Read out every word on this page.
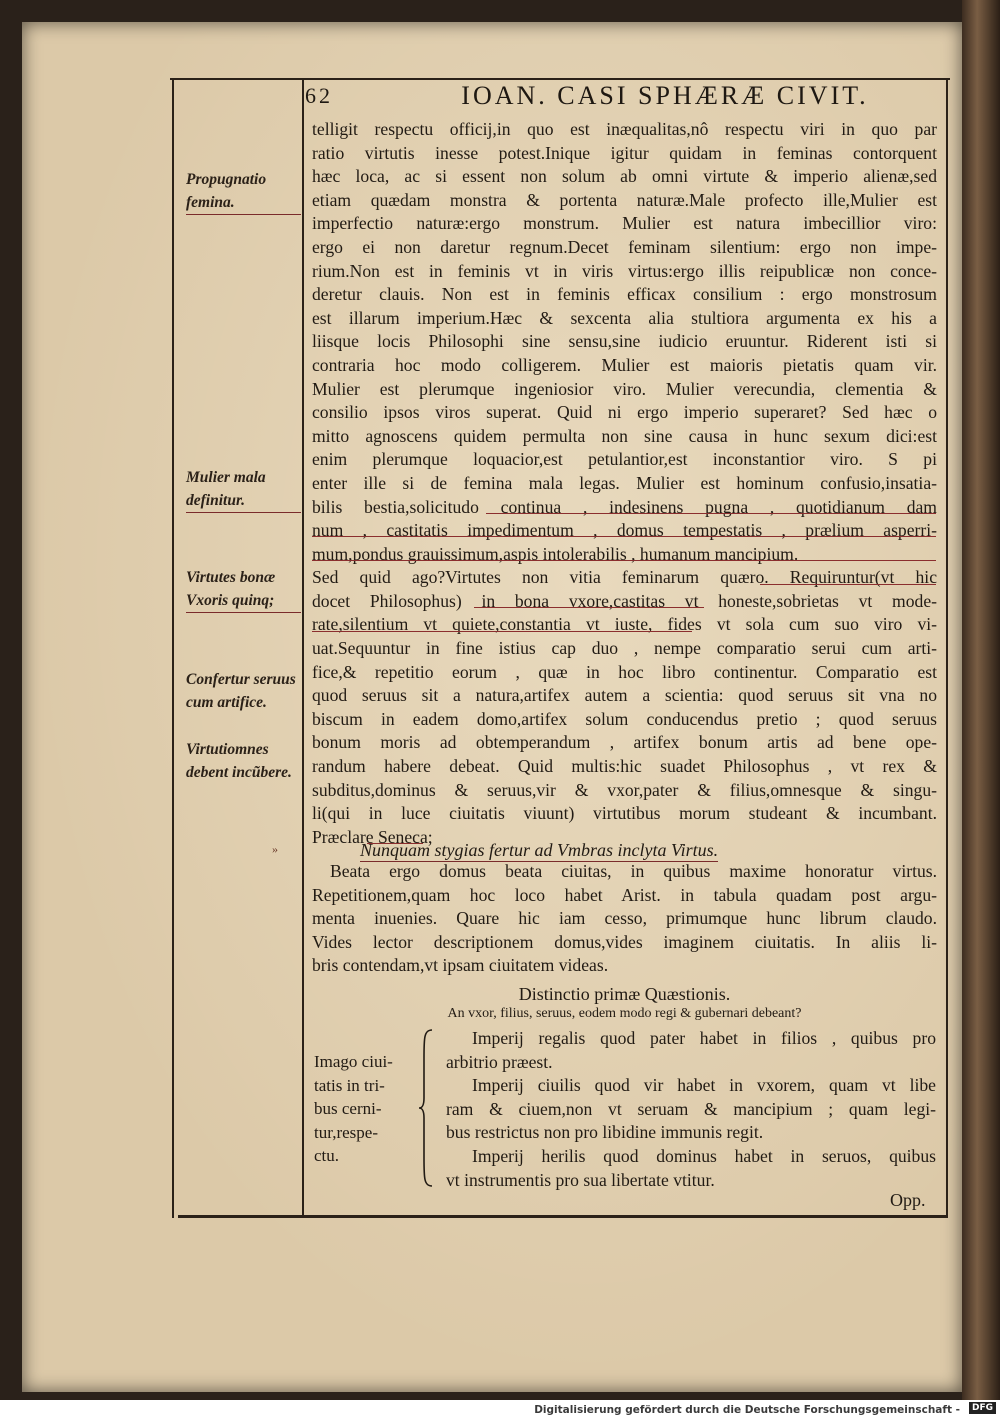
62	IOAN. CASI SPHÆRÆ CIVIT.
Propugnatio femina.
Mulier mala definitur.
Virtutes bonæ Vxoris quinq;
Confertur seruus cum artifice.
Virtutiomnes debent incũbere.
»
telligit respectu officij,in quo est inæqualitas,nô respectu viri in quo par
ratio virtutis inesse potest.Inique igitur quidam in feminas contorquent
hæc loca, ac si essent non solum ab omni virtute & imperio alienæ,sed
etiam quædam monstra & portenta naturæ.Male profecto ille,Mulier est
imperfectio naturæ:ergo monstrum. Mulier est natura imbecillior viro:
ergo ei non daretur regnum.Decet feminam silentium: ergo non impe-
rium.Non est in feminis vt in viris virtus:ergo illis reipublicæ non conce-
deretur clauis. Non est in feminis efficax consilium : ergo monstrosum
est illarum imperium.Hæc & sexcenta alia stultiora argumenta ex his a
liisque locis Philosophi sine sensu,sine iudicio eruuntur. Riderent isti si
contraria hoc modo colligerem. Mulier est maioris pietatis quam vir.
Mulier est plerumque ingeniosior viro. Mulier verecundia, clementia &
consilio ipsos viros superat. Quid ni ergo imperio superaret? Sed hæc o
mitto agnoscens quidem permulta non sine causa in hunc sexum dici:est
enim plerumque loquacior,est petulantior,est inconstantior viro. S pi
enter ille si de femina mala legas. Mulier est hominum confusio,insatia-
bilis bestia,solicitudo continua , indesinens pugna , quotidianum dam
num , castitatis impedimentum , domus tempestatis , prælium asperri-
mum,pondus grauissimum,aspis intolerabilis , humanum mancipium.
Sed quid ago?Virtutes non vitia feminarum quæro. Requiruntur(vt hic
docet Philosophus) in bona vxore,castitas vt honeste,sobrietas vt mode-
rate,silentium vt quiete,constantia vt iuste, fides vt sola cum suo viro vi-
uat.Sequuntur in fine istius cap duo , nempe comparatio serui cum arti-
fice,& repetitio eorum , quæ in hoc libro continentur. Comparatio est
quod seruus sit a natura,artifex autem a scientia: quod seruus sit vna no
biscum in eadem domo,artifex solum conducendus pretio ; quod seruus
bonum moris ad obtemperandum , artifex bonum artis ad bene ope-
randum habere debeat. Quid multis:hic suadet Philosophus , vt rex &
subditus,dominus & seruus,vir & vxor,pater & filius,omnesque & singu-
li(qui in luce ciuitatis viuunt) virtutibus morum studeant & incumbant.
Præclare Seneca;
Nunquam stygias fertur ad Vmbras inclyta Virtus.
Beata ergo domus beata ciuitas, in quibus maxime honoratur virtus.
Repetitionem,quam hoc loco habet Arist. in tabula quadam post argu-
menta inuenies. Quare hic iam cesso, primumque hunc librum claudo.
Vides lector descriptionem domus,vides imaginem ciuitatis. In aliis li-
bris contendam,vt ipsam ciuitatem videas.
Distinctio primæ Quæstionis.
An vxor, filius, seruus, eodem modo regi & gubernari debeant?
Imago ciui-
tatis in tri-
bus cerni-
tur,respe-
ctu.
Imperij regalis quod pater habet in filios , quibus pro
arbitrio præest.
Imperij ciuilis quod vir habet in vxorem, quam vt libe
ram & ciuem,non vt seruam & mancipium ; quam legi-
bus restrictus non pro libidine immunis regit.
Imperij herilis quod dominus habet in seruos, quibus
vt instrumentis pro sua libertate vtitur.
Opp.
Digitalisierung gefördert durch die Deutsche Forschungsgemeinschaft -	DFG
